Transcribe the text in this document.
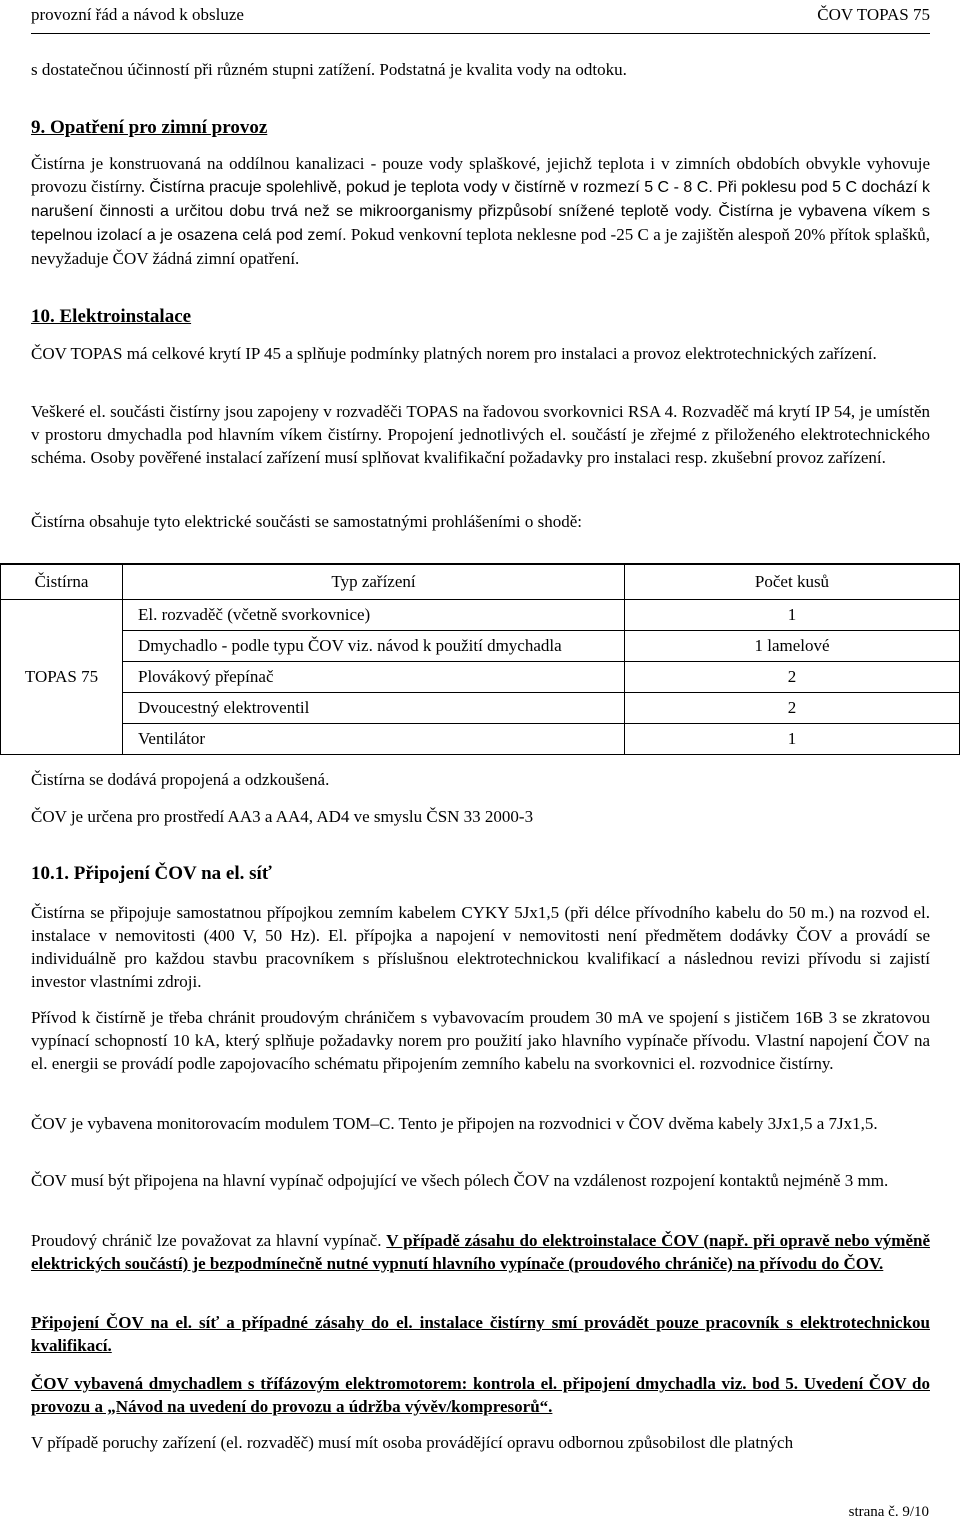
provozní řád a návod k obsluze	ČOV TOPAS 75
s dostatečnou účinností při různém stupni zatížení. Podstatná je kvalita vody na odtoku.
9. Opatření pro zimní provoz
Čistírna je konstruovaná na oddílnou kanalizaci - pouze vody splaškové, jejichž teplota i v zimních obdobích obvykle vyhovuje provozu čistírny. Čistírna pracuje spolehlivě, pokud je teplota vody v čistírně v rozmezí 5 C - 8 C. Při poklesu pod 5 C dochází k narušení činnosti a určitou dobu trvá než se mikroorganismy přizpůsobí snížené teplotě vody. Čistírna je vybavena víkem s tepelnou izolací a je osazena celá pod zemí. Pokud venkovní teplota neklesne pod -25 C a je zajištěn alespoň 20% přítok splašků, nevyžaduje ČOV žádná zimní opatření.
10. Elektroinstalace
ČOV TOPAS má celkové krytí IP 45 a splňuje podmínky platných norem pro instalaci a provoz elektrotechnických zařízení.
Veškeré el. součásti čistírny jsou zapojeny v rozvaděči TOPAS na řadovou svorkovnici RSA 4. Rozvaděč má krytí IP 54, je umístěn v prostoru dmychadla pod hlavním víkem čistírny. Propojení jednotlivých el. součástí je zřejmé z přiloženého elektrotechnického schéma. Osoby pověřené instalací zařízení musí splňovat kvalifikační požadavky pro instalaci resp. zkušební provoz zařízení.
Čistírna obsahuje tyto elektrické součásti se samostatnými prohlášeními o shodě:
Čistírna	Typ zařízení	Počet kusů
TOPAS 75	El. rozvaděč (včetně svorkovnice)	1
	Dmychadlo - podle typu ČOV viz. návod k použití dmychadla	1 lamelové
	Plovákový přepínač	2
	Dvoucestný elektroventil	2
	Ventilátor	1
Čistírna se dodává propojená a odzkoušená.
ČOV je určena pro prostředí AA3 a AA4, AD4 ve smyslu ČSN 33 2000-3
10.1. Připojení ČOV na el. síť
Čistírna se připojuje samostatnou přípojkou zemním kabelem CYKY 5Jx1,5 (při délce přívodního kabelu do 50 m.) na rozvod el. instalace v nemovitosti (400 V, 50 Hz). El. přípojka a napojení v nemovitosti není předmětem dodávky ČOV a provádí se individuálně pro každou stavbu pracovníkem s příslušnou elektrotechnickou kvalifikací a následnou revizi přívodu si zajistí investor vlastními zdroji.
Přívod k čistírně je třeba chránit proudovým chráničem s vybavovacím proudem 30 mA ve spojení s jističem 16B 3 se zkratovou vypínací schopností 10 kA, který splňuje požadavky norem pro použití jako hlavního vypínače přívodu. Vlastní napojení ČOV na el. energii se provádí podle zapojovacího schématu připojením zemního kabelu na svorkovnici el. rozvodnice čistírny.
ČOV je vybavena monitorovacím modulem TOM–C. Tento je připojen na rozvodnici v ČOV dvěma kabely 3Jx1,5 a 7Jx1,5.
ČOV musí být připojena na hlavní vypínač odpojující ve všech pólech ČOV na vzdálenost rozpojení kontaktů nejméně 3 mm.
Proudový chránič lze považovat za hlavní vypínač. V případě zásahu do elektroinstalace ČOV (např. při opravě nebo výměně elektrických součástí) je bezpodmínečně nutné vypnutí hlavního vypínače (proudového chrániče) na přívodu do ČOV.
Připojení ČOV na el. síť a případné zásahy do el. instalace čistírny smí provádět pouze pracovník s elektrotechnickou kvalifikací.
ČOV vybavená dmychadlem s třífázovým elektromotorem: kontrola el. připojení dmychadla viz. bod 5. Uvedení ČOV do provozu a „Návod na uvedení do provozu a údržba vývěv/kompresorů“.
V případě poruchy zařízení (el. rozvaděč) musí mít osoba provádějící opravu odbornou způsobilost dle platných
strana č. 9/10
